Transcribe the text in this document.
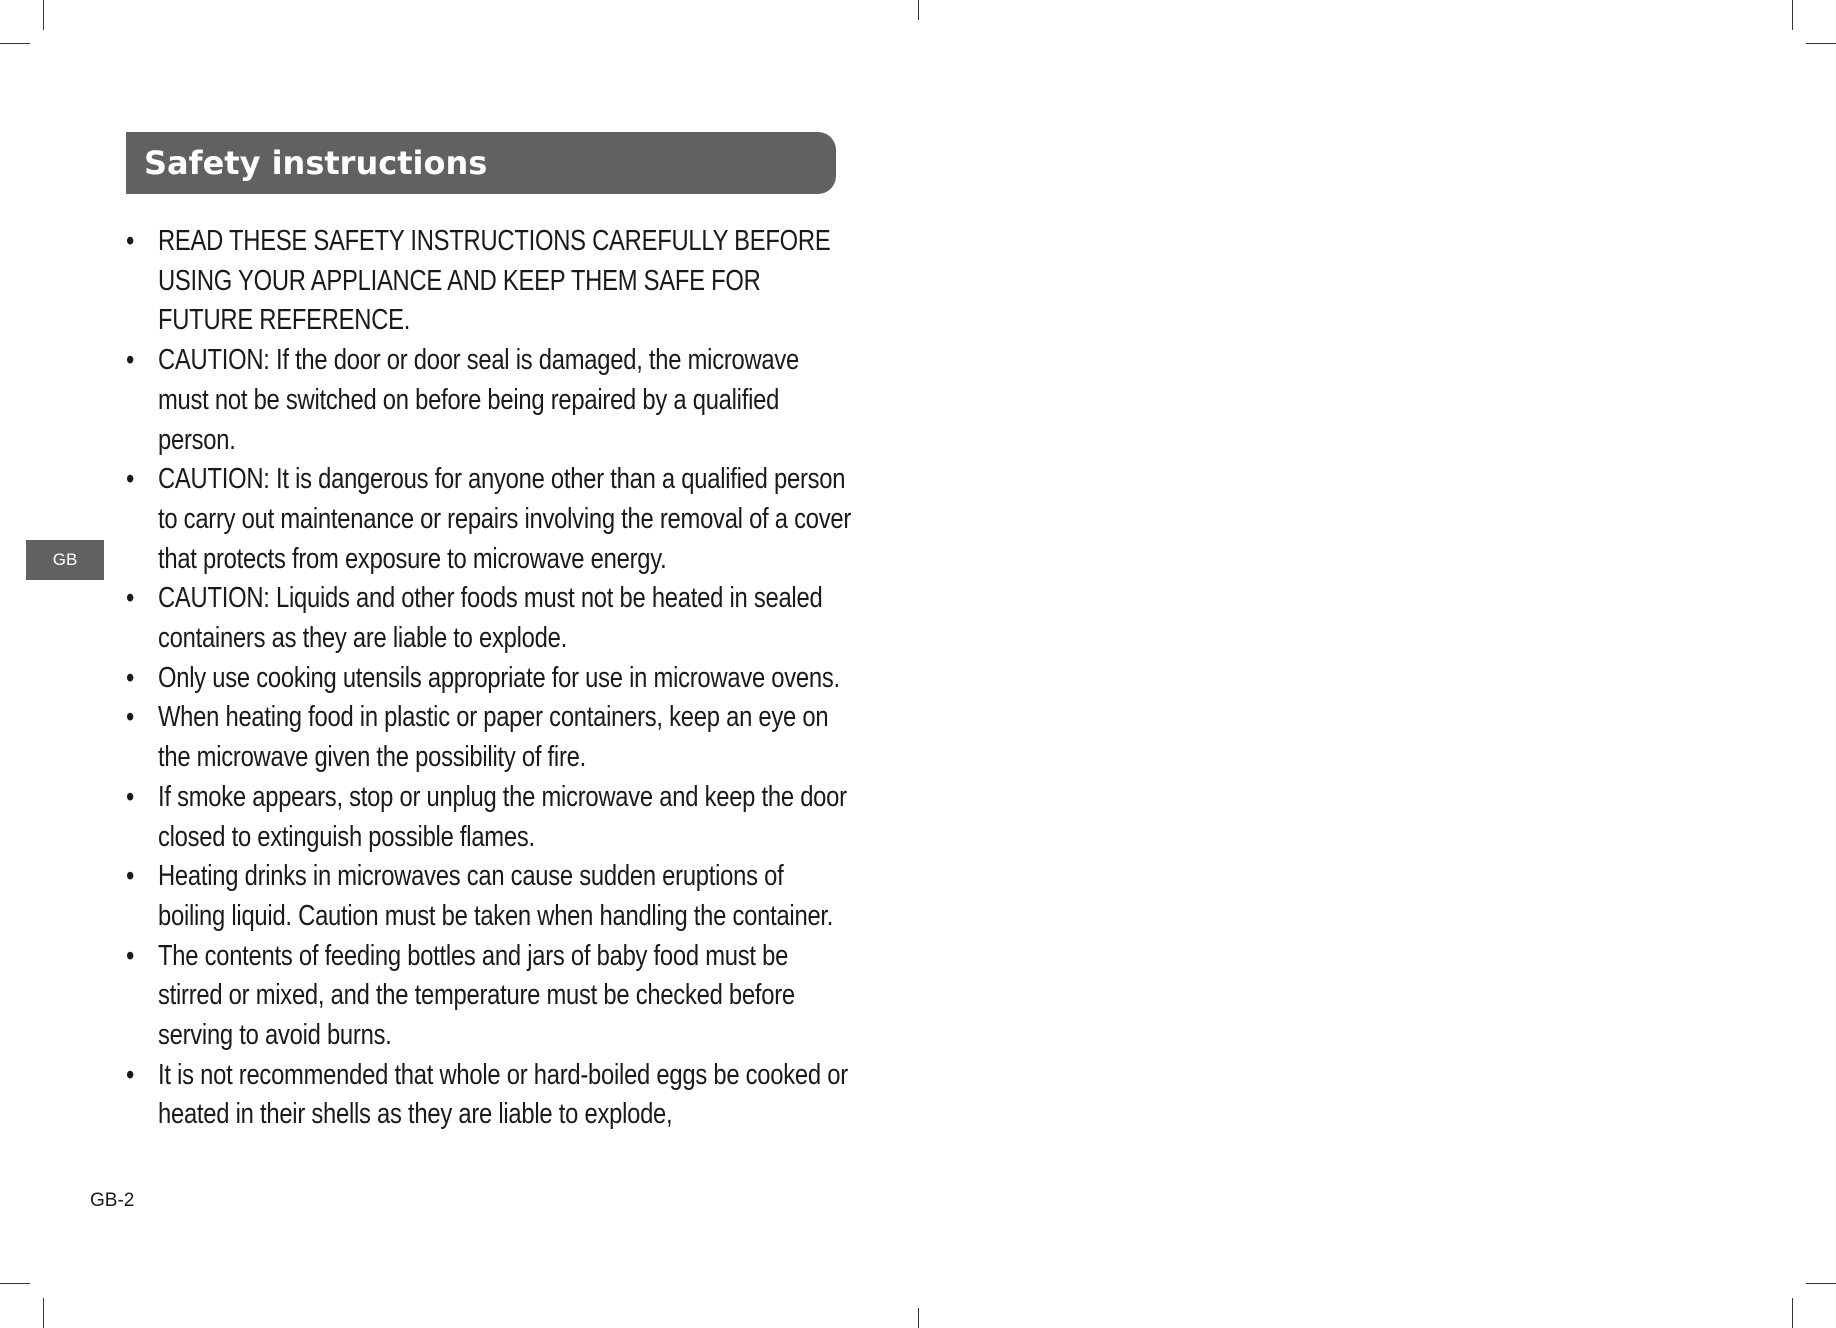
Safety instructions
GB
• READ THESE SAFETY INSTRUCTIONS CAREFULLY BEFORE USING YOUR APPLIANCE AND KEEP THEM SAFE FOR FUTURE REFERENCE.
• CAUTION: If the door or door seal is damaged, the microwave must not be switched on before being repaired by a qualified person.
• CAUTION: It is dangerous for anyone other than a qualified person to carry out maintenance or repairs involving the removal of a cover that protects from exposure to microwave energy.
• CAUTION: Liquids and other foods must not be heated in sealed containers as they are liable to explode.
• Only use cooking utensils appropriate for use in microwave ovens.
• When heating food in plastic or paper containers, keep an eye on the microwave given the possibility of fire.
• If smoke appears, stop or unplug the microwave and keep the door closed to extinguish possible flames.
• Heating drinks in microwaves can cause sudden eruptions of boiling liquid. Caution must be taken when handling the container.
• The contents of feeding bottles and jars of baby food must be stirred or mixed, and the temperature must be checked before serving to avoid burns.
• It is not recommended that whole or hard-boiled eggs be cooked or heated in their shells as they are liable to explode,
GB-2
